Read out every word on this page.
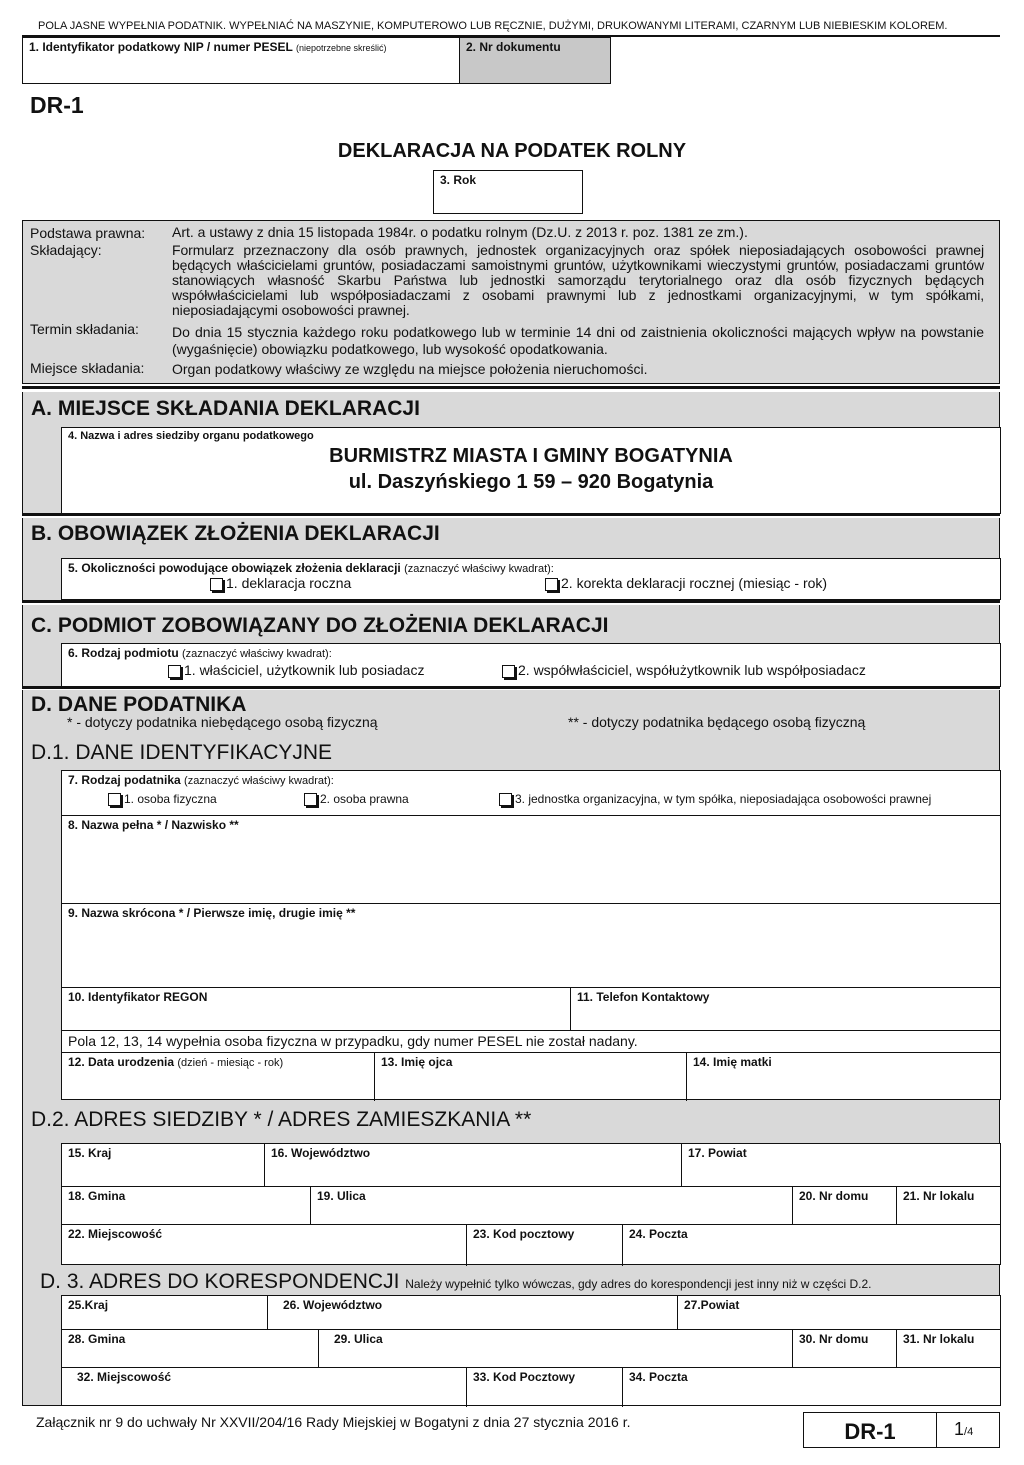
POLA JASNE WYPEŁNIA PODATNIK. WYPEŁNIAĆ NA MASZYNIE, KOMPUTEROWO LUB RĘCZNIE, DUŻYMI, DRUKOWANYMI LITERAMI, CZARNYM LUB NIEBIESKIM KOLOREM.
1. Identyfikator podatkowy NIP / numer PESEL (niepotrzebne skreślić)	2. Nr dokumentu
DR-1
DEKLARACJA NA PODATEK ROLNY
3. Rok
Podstawa prawna: Art. a ustawy z dnia 15 listopada 1984r. o podatku rolnym (Dz.U. z 2013 r. poz. 1381 ze zm.).
Składający:	Formularz przeznaczony dla osób prawnych, jednostek organizacyjnych oraz spółek nieposiadających osobowości prawnej będących właścicielami gruntów, posiadaczami samoistnymi gruntów, użytkownikami wieczystymi gruntów, posiadaczami gruntów stanowiących własność Skarbu Państwa lub jednostki samorządu terytorialnego oraz dla osób fizycznych będących współwłaścicielami lub współposiadaczami z osobami prawnymi lub z jednostkami organizacyjnymi, w tym spółkami, nieposiadającymi osobowości prawnej.
Termin składania: Do dnia 15 stycznia każdego roku podatkowego lub w terminie 14 dni od zaistnienia okoliczności mających wpływ na powstanie (wygaśnięcie) obowiązku podatkowego, lub wysokość opodatkowania.
Miejsce składania: Organ podatkowy właściwy ze względu na miejsce położenia nieruchomości.
A. MIEJSCE SKŁADANIA DEKLARACJI
4. Nazwa i adres siedziby organu podatkowego
BURMISTRZ MIASTA I GMINY BOGATYNIA
ul. Daszyńskiego 1 59 – 920 Bogatynia
B. OBOWIĄZEK ZŁOŻENIA DEKLARACJI
5. Okoliczności powodujące obowiązek złożenia deklaracji (zaznaczyć właściwy kwadrat):
1. deklaracja roczna	2. korekta deklaracji rocznej (miesiąc - rok)
C. PODMIOT ZOBOWIĄZANY DO ZŁOŻENIA DEKLARACJI
6. Rodzaj podmiotu (zaznaczyć właściwy kwadrat):
1. właściciel, użytkownik lub posiadacz	2. współwłaściciel, współużytkownik lub współposiadacz
D. DANE PODATNIKA
* - dotyczy podatnika niebędącego osobą fizyczną	** - dotyczy podatnika będącego osobą fizyczną
D.1. DANE IDENTYFIKACYJNE
7. Rodzaj podatnika (zaznaczyć właściwy kwadrat):
1. osoba fizyczna	2. osoba prawna	3. jednostka organizacyjna, w tym spółka, nieposiadająca osobowości prawnej
8. Nazwa pełna * / Nazwisko **
9. Nazwa skrócona * / Pierwsze imię, drugie imię **
10. Identyfikator REGON	11. Telefon Kontaktowy
Pola 12, 13, 14 wypełnia osoba fizyczna w przypadku, gdy numer PESEL nie został nadany.
12. Data urodzenia (dzień - miesiąc - rok)	13. Imię ojca	14. Imię matki
D.2. ADRES SIEDZIBY * / ADRES ZAMIESZKANIA **
15. Kraj	16. Województwo	17. Powiat
18. Gmina	19. Ulica	20. Nr domu	21. Nr lokalu
22. Miejscowość	23. Kod pocztowy	24. Poczta
D. 3. ADRES DO KORESPONDENCJI Należy wypełnić tylko wówczas, gdy adres do korespondencji jest inny niż w części D.2.
25.Kraj	26. Województwo	27.Powiat
28. Gmina	29. Ulica	30. Nr domu	31. Nr lokalu
32. Miejscowość	33. Kod Pocztowy	34. Poczta
Załącznik nr 9 do uchwały Nr XXVII/204/16 Rady Miejskiej w Bogatyni z dnia 27 stycznia 2016 r.	DR-1	1/4
